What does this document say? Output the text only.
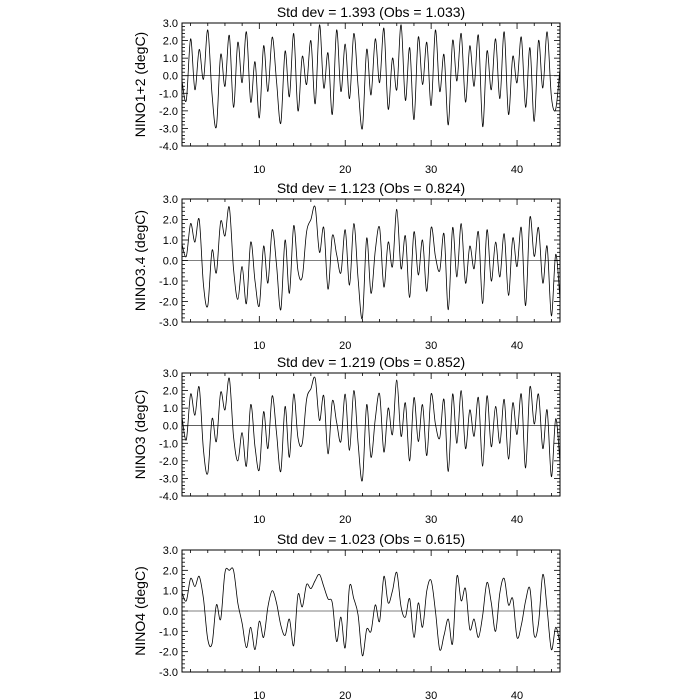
Std dev = 1.393 (Obs = 1.033)
NINO1+2 (degC)
3.0
2.0
1.0
0.0
-1.0
-2.0
-3.0
-4.0
10	20	30	40
Std dev = 1.123 (Obs = 0.824)
NINO3.4 (degC)
3.0
2.0
1.0
0.0
-1.0
-2.0
-3.0
10	20	30	40
Std dev = 1.219 (Obs = 0.852)
NINO3 (degC)
3.0
2.0
1.0
0.0
-1.0
-2.0
-3.0
-4.0
10	20	30	40
Std dev = 1.023 (Obs = 0.615)
NINO4 (degC)
3.0
2.0
1.0
0.0
-1.0
-2.0
-3.0
10	20	30	40
